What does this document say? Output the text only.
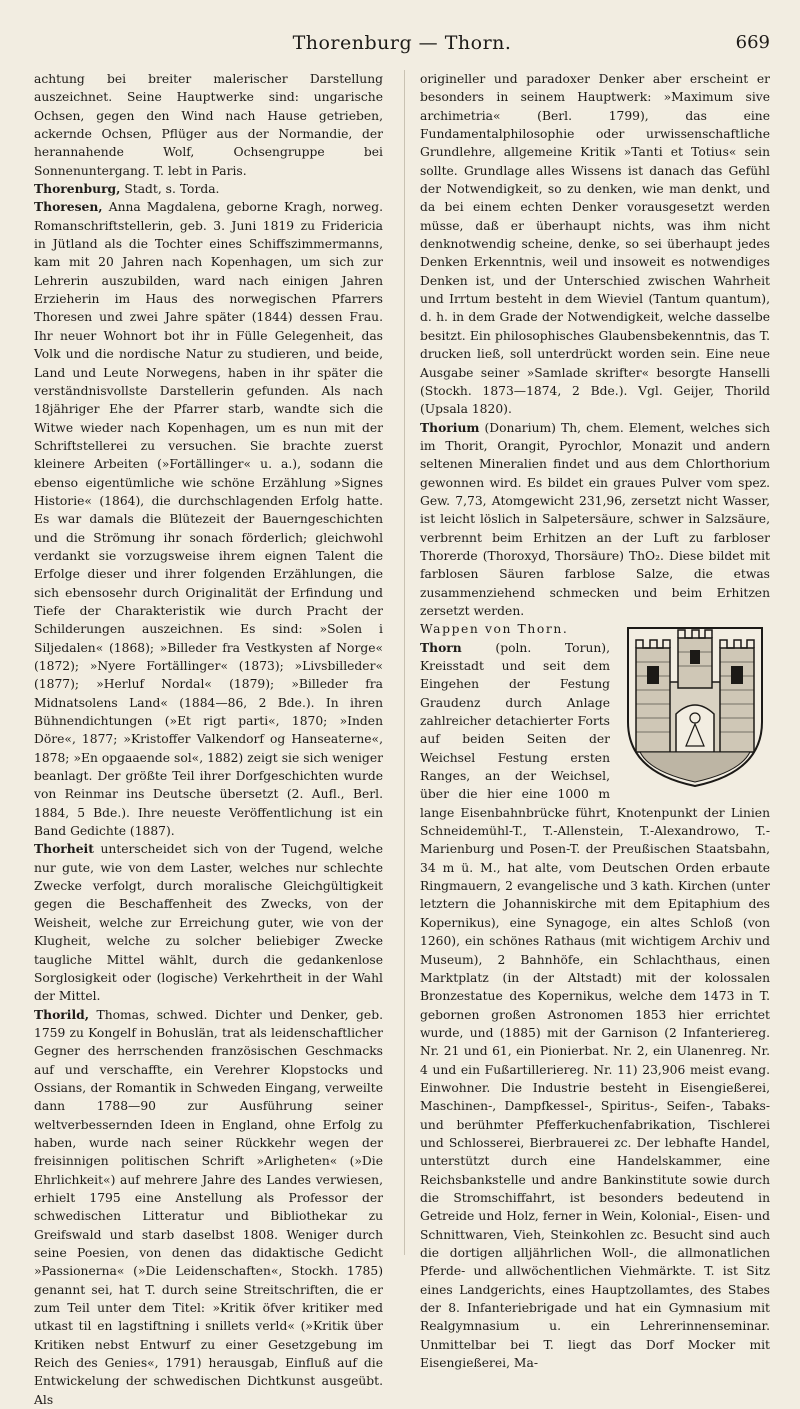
Thorenburg — Thorn.	669

achtung bei breiter malerischer Darstellung auszeichnet. Seine Hauptwerke sind: ungarische Ochsen, gegen den Wind nach Hause getrieben, ackernde Ochsen, Pflüger aus der Normandie, der herannahende Wolf, Ochsengruppe bei Sonnenuntergang. T. lebt in Paris.

Thorenburg, Stadt, s. Torda.

Thoresen, Anna Magdalena, geborne Kragh, norweg. Romanschriftstellerin, geb. 3. Juni 1819 zu Fridericia in Jütland als die Tochter eines Schiffszimmermanns, kam mit 20 Jahren nach Kopenhagen, um sich zur Lehrerin auszubilden, ward nach einigen Jahren Erzieherin im Haus des norwegischen Pfarrers Thoresen und zwei Jahre später (1844) dessen Frau. Ihr neuer Wohnort bot ihr in Fülle Gelegenheit, das Volk und die nordische Natur zu studieren, und beide, Land und Leute Norwegens, haben in ihr später die verständnisvollste Darstellerin gefunden. Als nach 18jähriger Ehe der Pfarrer starb, wandte sich die Witwe wieder nach Kopenhagen, um es nun mit der Schriftstellerei zu versuchen. Sie brachte zuerst kleinere Arbeiten (»Fortällinger« u. a.), sodann die ebenso eigentümliche wie schöne Erzählung »Signes Historie« (1864), die durchschlagenden Erfolg hatte. Es war damals die Blütezeit der Bauerngeschichten und die Strömung ihr sonach förderlich; gleichwohl verdankt sie vorzugsweise ihrem eignen Talent die Erfolge dieser und ihrer folgenden Erzählungen, die sich ebensosehr durch Originalität der Erfindung und Tiefe der Charakteristik wie durch Pracht der Schilderungen auszeichnen. Es sind: »Solen i Siljedalen« (1868); »Billeder fra Vestkysten af Norge« (1872); »Nyere Fortällinger« (1873); »Livsbilleder« (1877); »Herluf Nordal« (1879); »Billeder fra Midnatsolens Land« (1884—86, 2 Bde.). In ihren Bühnendichtungen (»Et rigt parti«, 1870; »Inden Döre«, 1877; »Kristoffer Valkendorf og Hanseaterne«, 1878; »En opgaaende sol«, 1882) zeigt sie sich weniger beanlagt. Der größte Teil ihrer Dorfgeschichten wurde von Reinmar ins Deutsche übersetzt (2. Aufl., Berl. 1884, 5 Bde.). Ihre neueste Veröffentlichung ist ein Band Gedichte (1887).

Thorheit unterscheidet sich von der Tugend, welche nur gute, wie von dem Laster, welches nur schlechte Zwecke verfolgt, durch moralische Gleichgültigkeit gegen die Beschaffenheit des Zwecks, von der Weisheit, welche zur Erreichung guter, wie von der Klugheit, welche zu solcher beliebiger Zwecke taugliche Mittel wählt, durch die gedankenlose Sorglosigkeit oder (logische) Verkehrtheit in der Wahl der Mittel.

Thorild, Thomas, schwed. Dichter und Denker, geb. 1759 zu Kongelf in Bohuslän, trat als leidenschaftlicher Gegner des herrschenden französischen Geschmacks auf und verschaffte, ein Verehrer Klopstocks und Ossians, der Romantik in Schweden Eingang, verweilte dann 1788—90 zur Ausführung seiner weltverbessernden Ideen in England, ohne Erfolg zu haben, wurde nach seiner Rückkehr wegen der freisinnigen politischen Schrift »Arligheten« (»Die Ehrlichkeit«) auf mehrere Jahre des Landes verwiesen, erhielt 1795 eine Anstellung als Professor der schwedischen Litteratur und Bibliothekar zu Greifswald und starb daselbst 1808. Weniger durch seine Poesien, von denen das didaktische Gedicht »Passionerna« (»Die Leidenschaften«, Stockh. 1785) genannt sei, hat T. durch seine Streitschriften, die er zum Teil unter dem Titel: »Kritik öfver kritiker med utkast til en lagstiftning i snillets verld« (»Kritik über Kritiken nebst Entwurf zu einer Gesetzgebung im Reich des Genies«, 1791) herausgab, Einfluß auf die Entwickelung der schwedischen Dichtkunst ausgeübt. Als

origineller und paradoxer Denker aber erscheint er besonders in seinem Hauptwerk: »Maximum sive archimetria« (Berl. 1799), das eine Fundamentalphilosophie oder urwissenschaftliche Grundlehre, allgemeine Kritik »Tanti et Totius« sein sollte. Grundlage alles Wissens ist danach das Gefühl der Notwendigkeit, so zu denken, wie man denkt, und da bei einem echten Denker vorausgesetzt werden müsse, daß er überhaupt nichts, was ihm nicht denknotwendig scheine, denke, so sei überhaupt jedes Denken Erkenntnis, weil und insoweit es notwendiges Denken ist, und der Unterschied zwischen Wahrheit und Irrtum besteht in dem Wieviel (Tantum quantum), d. h. in dem Grade der Notwendigkeit, welche dasselbe besitzt. Ein philosophisches Glaubensbekenntnis, das T. drucken ließ, soll unterdrückt worden sein. Eine neue Ausgabe seiner »Samlade skrifter« besorgte Hanselli (Stockh. 1873—1874, 2 Bde.). Vgl. Geijer, Thorild (Upsala 1820).

Thorium (Donarium) Th, chem. Element, welches sich im Thorit, Orangit, Pyrochlor, Monazit und andern seltenen Mineralien findet und aus dem Chlorthorium gewonnen wird. Es bildet ein graues Pulver vom spez. Gew. 7,73, Atomgewicht 231,96, zersetzt nicht Wasser, ist leicht löslich in Salpetersäure, schwer in Salzsäure, verbrennt beim Erhitzen an der Luft zu farbloser Thorerde (Thoroxyd, Thorsäure) ThO₂. Diese bildet mit farblosen Säuren farblose Salze, die etwas zusammenziehend schmecken und beim Erhitzen zersetzt werden.

Wappen von Thorn.
Thorn	(poln. Torun), Kreisstadt und seit dem Eingehen der Festung Graudenz durch Anlage zahlreicher detachierter Forts auf beiden Seiten der Weichsel Festung ersten Ranges, an der Weichsel, über die hier eine 1000 m lange Eisenbahnbrücke führt, Knotenpunkt der Linien Schneidemühl-T., T.-Allenstein, T.-Alexandrowo, T.-Marienburg und Posen-T. der Preußischen Staatsbahn, 34 m ü. M., hat alte, vom Deutschen Orden erbaute Ringmauern, 2 evangelische und 3 kath. Kirchen (unter letztern die Johanniskirche mit dem Epitaphium des Kopernikus), eine Synagoge, ein altes Schloß (von 1260), ein schönes Rathaus (mit wichtigem Archiv und Museum), 2 Bahnhöfe, ein Schlachthaus, einen Marktplatz (in der Altstadt) mit der kolossalen Bronzestatue des Kopernikus, welche dem 1473 in T. gebornen großen Astronomen 1853 hier errichtet wurde, und (1885) mit der Garnison (2 Infanteriereg. Nr. 21 und 61, ein Pionierbat. Nr. 2, ein Ulanenreg. Nr. 4 und ein Fußartilleriereg. Nr. 11) 23,906 meist evang. Einwohner. Die Industrie besteht in Eisengießerei, Maschinen-, Dampfkessel-, Spiritus-, Seifen-, Tabaks- und berühmter Pfefferkuchenfabrikation, Tischlerei und Schlosserei, Bierbrauerei zc. Der lebhafte Handel, unterstützt durch eine Handelskammer, eine Reichsbankstelle und andre Bankinstitute sowie durch die Stromschiffahrt, ist besonders bedeutend in Getreide und Holz, ferner in Wein, Kolonial-, Eisen- und Schnittwaren, Vieh, Steinkohlen zc. Besucht sind auch die dortigen alljährlichen Woll-, die allmonatlichen Pferde- und allwöchentlichen Viehmärkte. T. ist Sitz eines Landgerichts, eines Hauptzollamtes, des Stabes der 8. Infanteriebrigade und hat ein Gymnasium mit Realgymnasium u. ein Lehrerinnenseminar. Unmittelbar bei T. liegt das Dorf Mocker mit Eisengießerei, Ma-
